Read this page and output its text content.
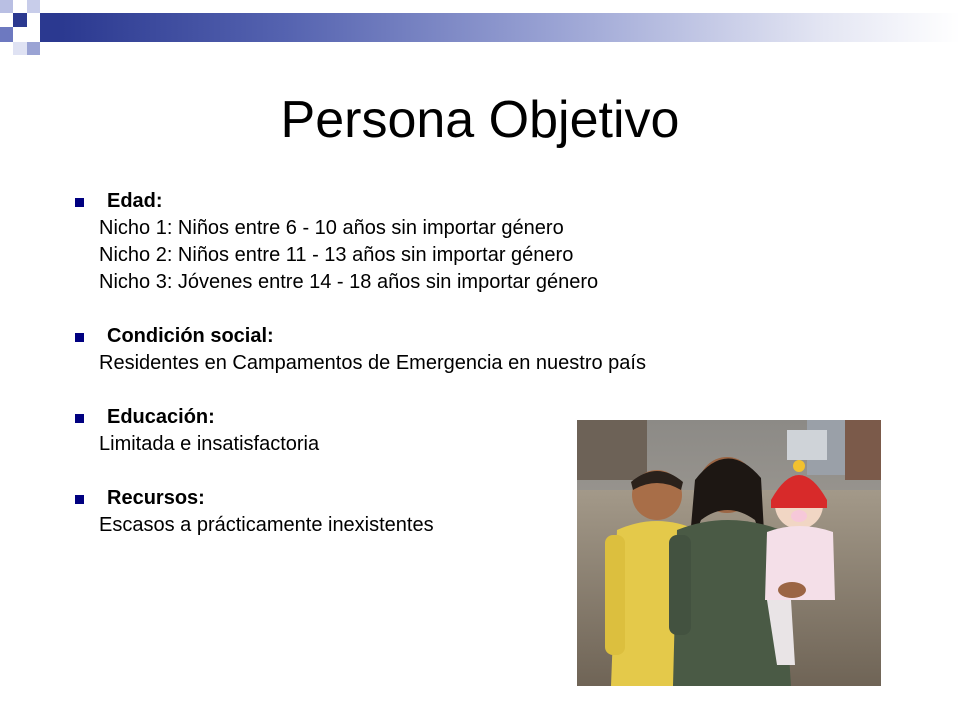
Persona Objetivo
Edad:
Nicho 1: Niños entre 6 - 10 años sin importar género
Nicho 2: Niños entre 11 - 13 años sin importar género
Nicho 3: Jóvenes entre 14 - 18 años sin importar género
Condición social:
Residentes en Campamentos de Emergencia en nuestro país
Educación:
Limitada e insatisfactoria
Recursos:
Escasos a prácticamente inexistentes
